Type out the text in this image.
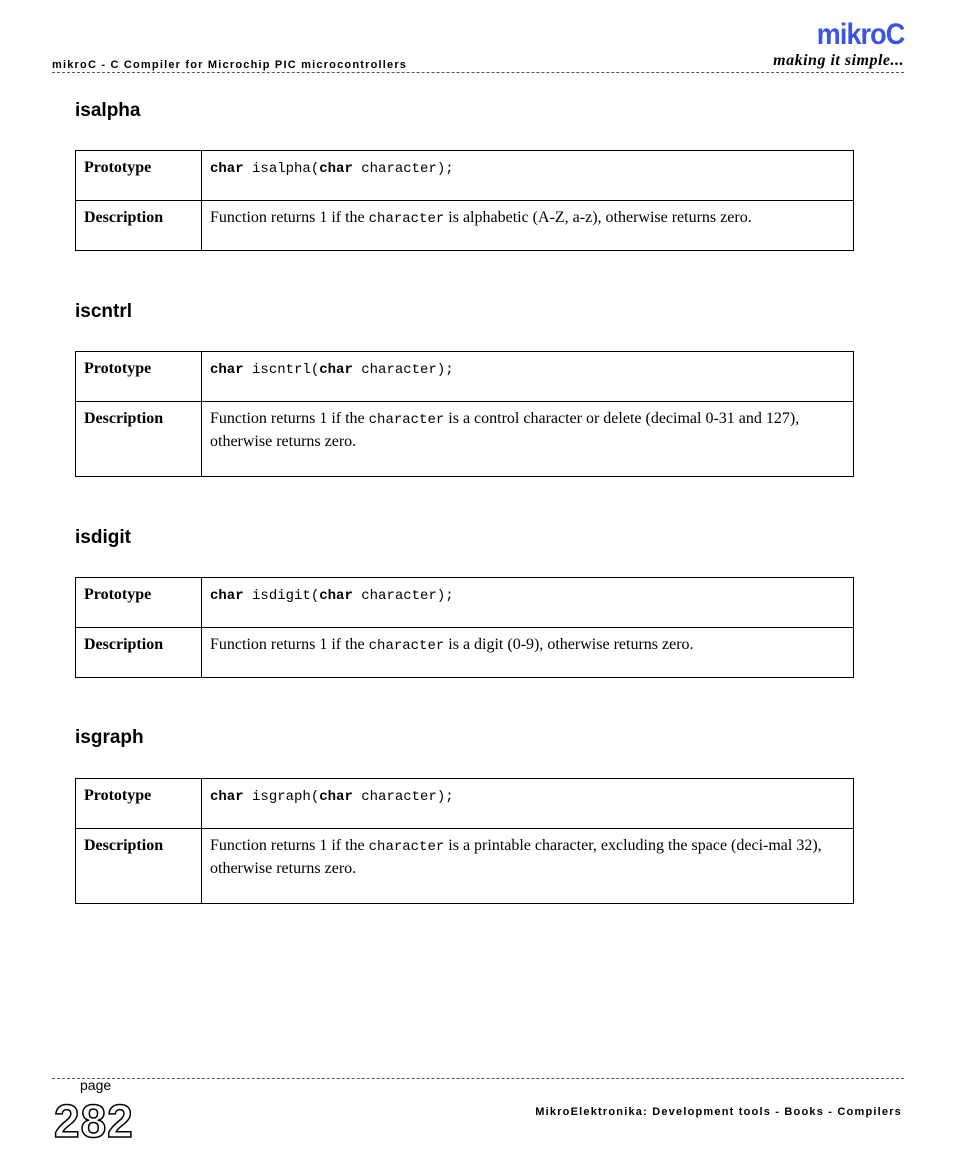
mikroC
making it simple...
mikroC - C Compiler for Microchip PIC microcontrollers
isalpha
Prototype	char isalpha(char character);
Description	Function returns 1 if the character is alphabetic (A-Z, a-z), otherwise returns zero.
iscntrl
Prototype	char iscntrl(char character);
Description	Function returns 1 if the character is a control character or delete (decimal 0-31 and 127), otherwise returns zero.
isdigit
Prototype	char isdigit(char character);
Description	Function returns 1 if the character is a digit (0-9), otherwise returns zero.
isgraph
Prototype	char isgraph(char character);
Description	Function returns 1 if the character is a printable character, excluding the space (deci-mal 32), otherwise returns zero.
page
282	MikroElektronika: Development tools - Books - Compilers
